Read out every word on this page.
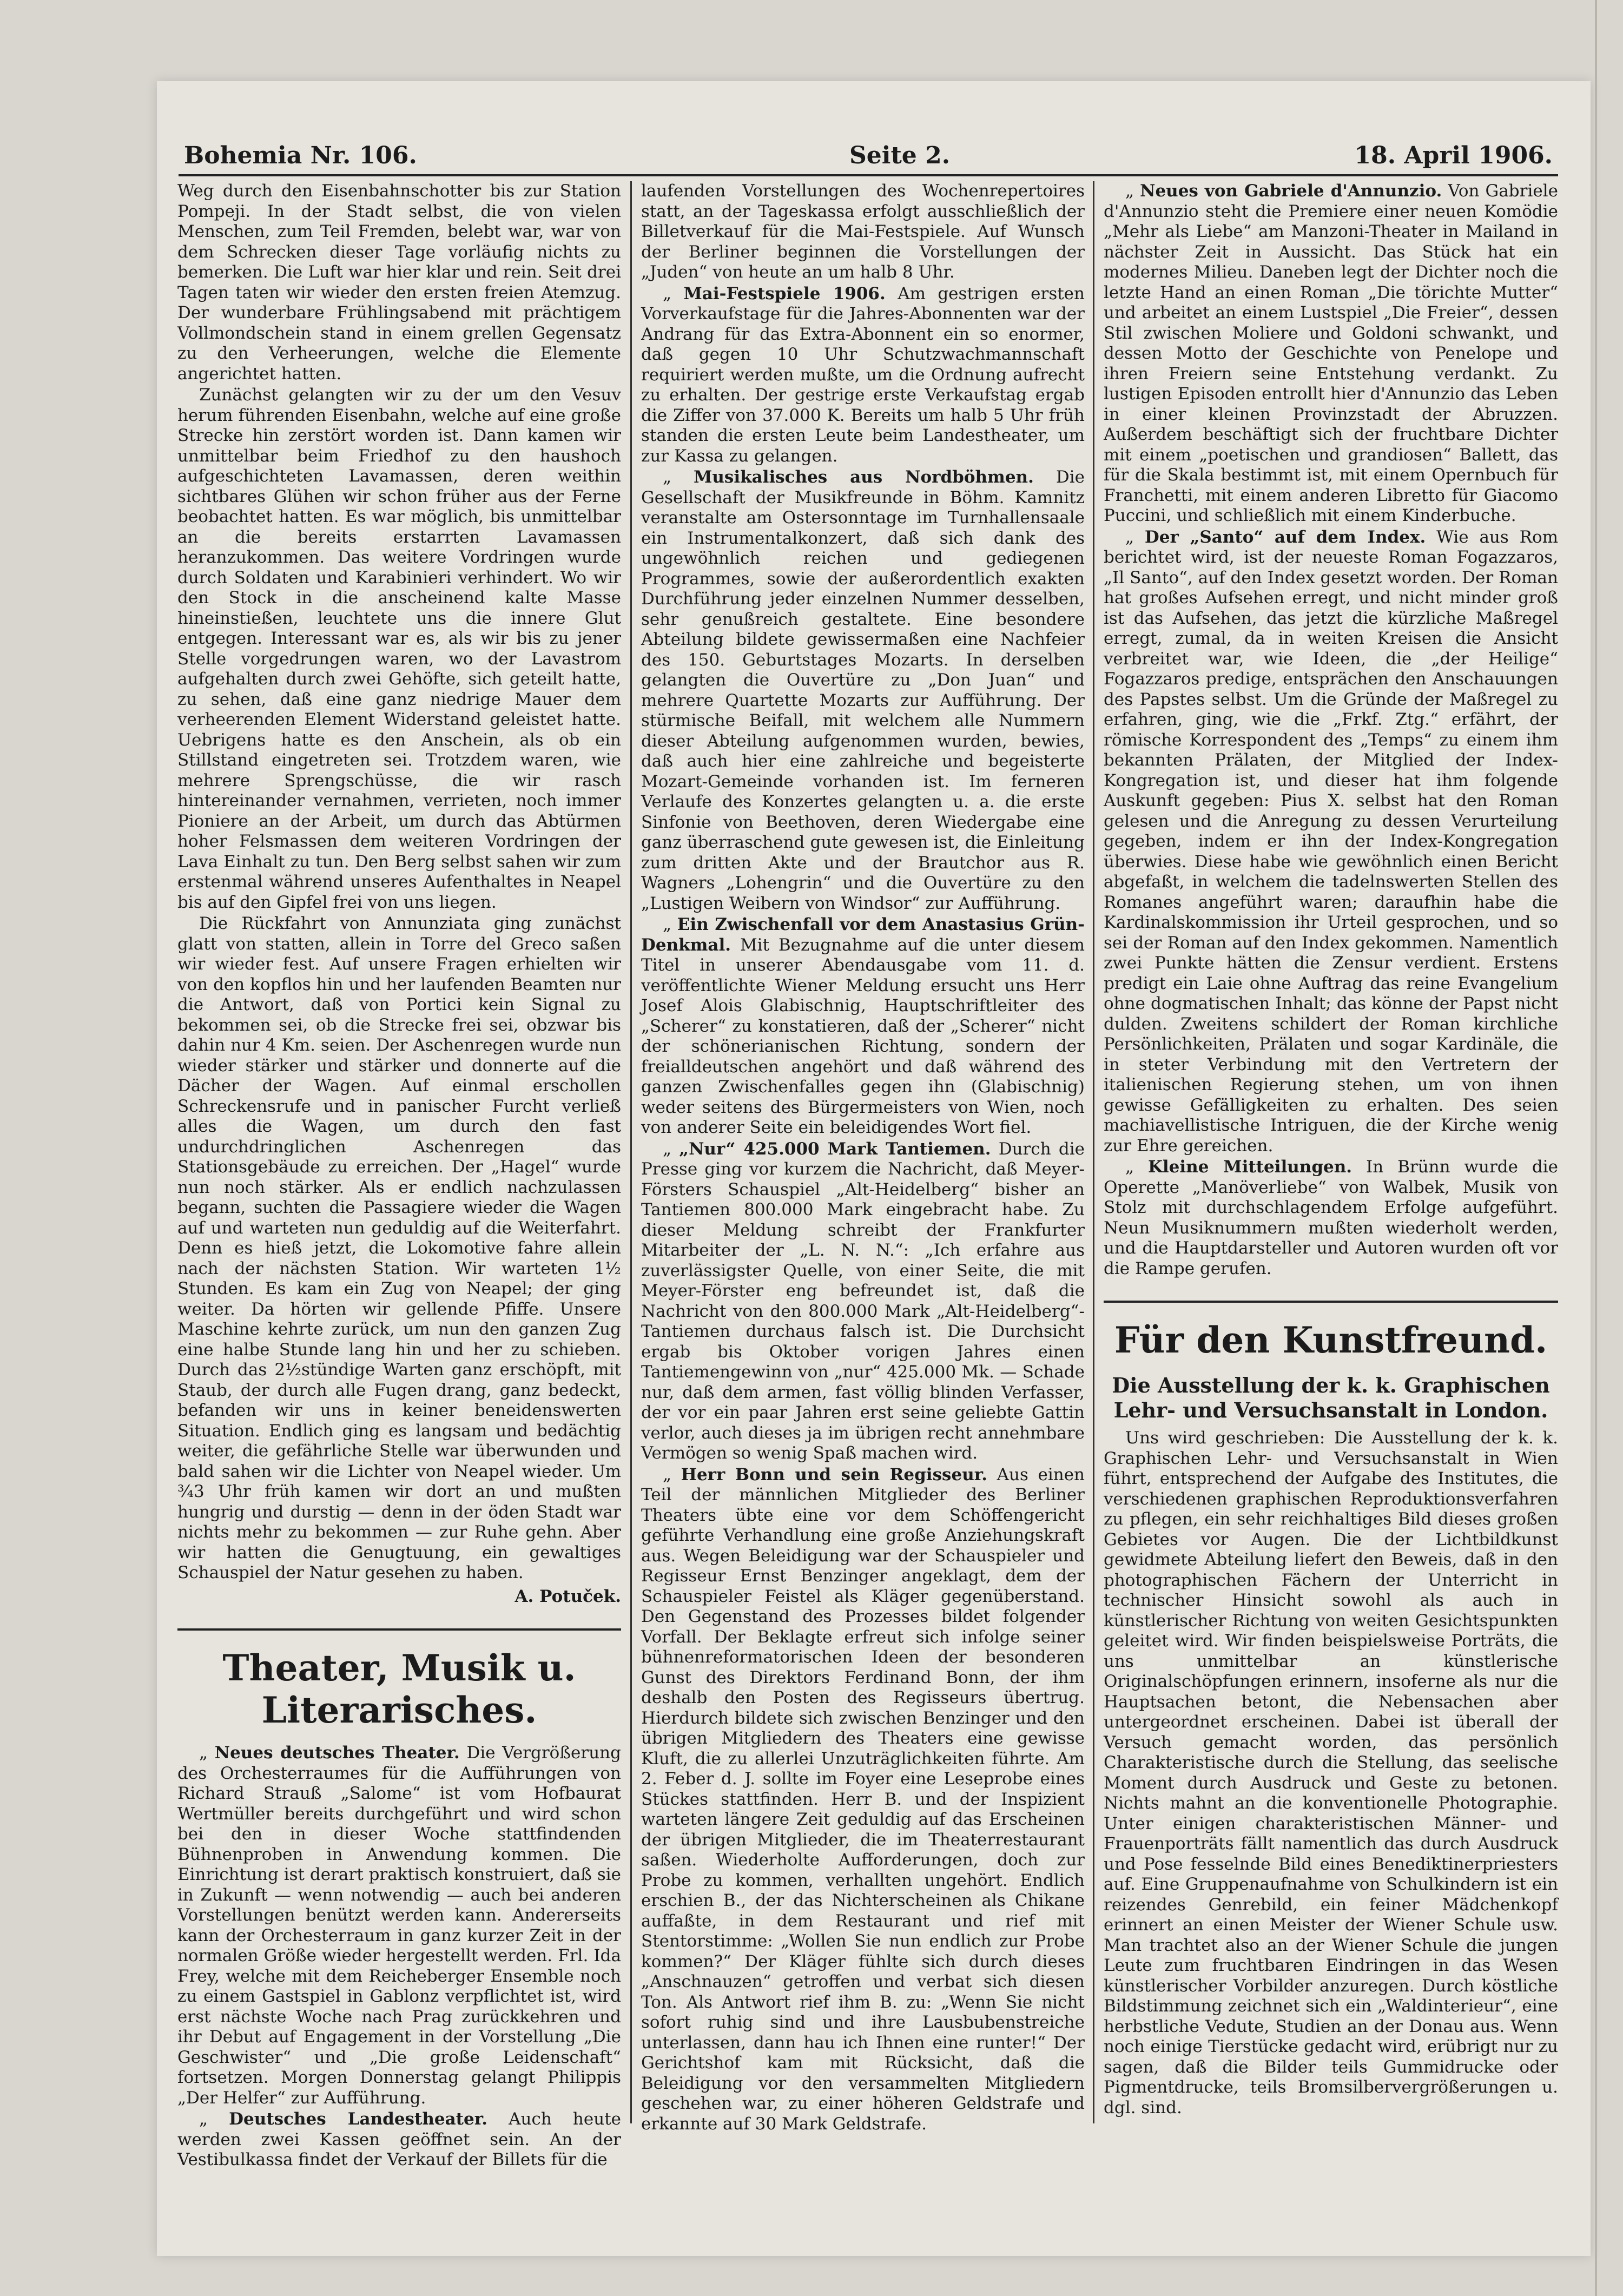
Bohemia Nr. 106.	Seite 2.	18. April 1906.

Weg durch den Eisenbahnschotter bis zur Station Pompeji. In der Stadt selbst, die von vielen Menschen, zum Teil Fremden, belebt war, war von dem Schrecken dieser Tage vorläufig nichts zu bemerken. Die Luft war hier klar und rein. Seit drei Tagen taten wir wieder den ersten freien Atemzug. Der wunderbare Frühlingsabend mit prächtigem Vollmondschein stand in einem grellen Gegensatz zu den Verheerungen, welche die Elemente angerichtet hatten.

Zunächst gelangten wir zu der um den Vesuv herum führenden Eisenbahn, welche auf eine große Strecke hin zerstört worden ist. Dann kamen wir unmittelbar beim Friedhof zu den haushoch aufgeschichteten Lavamassen, deren weithin sichtbares Glühen wir schon früher aus der Ferne beobachtet hatten. Es war möglich, bis unmittelbar an die bereits erstarrten Lavamassen heranzukommen. Das weitere Vordringen wurde durch Soldaten und Karabinieri verhindert. Wo wir den Stock in die anscheinend kalte Masse hineinstießen, leuchtete uns die innere Glut entgegen. Interessant war es, als wir bis zu jener Stelle vorgedrungen waren, wo der Lavastrom aufgehalten durch zwei Gehöfte, sich geteilt hatte, zu sehen, daß eine ganz niedrige Mauer dem verheerenden Element Widerstand geleistet hatte. Uebrigens hatte es den Anschein, als ob ein Stillstand eingetreten sei. Trotzdem waren, wie mehrere Sprengschüsse, die wir rasch hintereinander vernahmen, verrieten, noch immer Pioniere an der Arbeit, um durch das Abtürmen hoher Felsmassen dem weiteren Vordringen der Lava Einhalt zu tun. Den Berg selbst sahen wir zum erstenmal während unseres Aufenthaltes in Neapel bis auf den Gipfel frei von uns liegen.

Die Rückfahrt von Annunziata ging zunächst glatt von statten, allein in Torre del Greco saßen wir wieder fest. Auf unsere Fragen erhielten wir von den kopflos hin und her laufenden Beamten nur die Antwort, daß von Portici kein Signal zu bekommen sei, ob die Strecke frei sei, obzwar bis dahin nur 4 Km. seien. Der Aschenregen wurde nun wieder stärker und stärker und donnerte auf die Dächer der Wagen. Auf einmal erschollen Schreckensrufe und in panischer Furcht verließ alles die Wagen, um durch den fast undurchdringlichen Aschenregen das Stationsgebäude zu erreichen. Der „Hagel“ wurde nun noch stärker. Als er endlich nachzulassen begann, suchten die Passagiere wieder die Wagen auf und warteten nun geduldig auf die Weiterfahrt. Denn es hieß jetzt, die Lokomotive fahre allein nach der nächsten Station. Wir warteten 1½ Stunden. Es kam ein Zug von Neapel; der ging weiter. Da hörten wir gellende Pfiffe. Unsere Maschine kehrte zurück, um nun den ganzen Zug eine halbe Stunde lang hin und her zu schieben. Durch das 2½stündige Warten ganz erschöpft, mit Staub, der durch alle Fugen drang, ganz bedeckt, befanden wir uns in keiner beneidenswerten Situation. Endlich ging es langsam und bedächtig weiter, die gefährliche Stelle war überwunden und bald sahen wir die Lichter von Neapel wieder. Um ¾3 Uhr früh kamen wir dort an und mußten hungrig und durstig — denn in der öden Stadt war nichts mehr zu bekommen — zur Ruhe gehn. Aber wir hatten die Genugtuung, ein gewaltiges Schauspiel der Natur gesehen zu haben.

A. Potuček.
Theater, Musik u. Literarisches.

„ Neues deutsches Theater. Die Vergrößerung des Orchesterraumes für die Aufführungen von Richard Strauß „Salome“ ist vom Hofbaurat Wertmüller bereits durchgeführt und wird schon bei den in dieser Woche stattfindenden Bühnenproben in Anwendung kommen. Die Einrichtung ist derart praktisch konstruiert, daß sie in Zukunft — wenn notwendig — auch bei anderen Vorstellungen benützt werden kann. Andererseits kann der Orchesterraum in ganz kurzer Zeit in der normalen Größe wieder hergestellt werden. Frl. Ida Frey, welche mit dem Reicheberger Ensemble noch zu einem Gastspiel in Gablonz verpflichtet ist, wird erst nächste Woche nach Prag zurückkehren und ihr Debut auf Engagement in der Vorstellung „Die Geschwister“ und „Die große Leidenschaft“ fortsetzen. Morgen Donnerstag gelangt Philippis „Der Helfer“ zur Aufführung.

„ Deutsches Landestheater. Auch heute werden zwei Kassen geöffnet sein. An der Vestibulkassa findet der Verkauf der Billets für die

laufenden Vorstellungen des Wochenrepertoires statt, an der Tageskassa erfolgt ausschließlich der Billetverkauf für die Mai-Festspiele. Auf Wunsch der Berliner beginnen die Vorstellungen der „Juden“ von heute an um halb 8 Uhr.

„ Mai-Festspiele 1906. Am gestrigen ersten Vorverkaufstage für die Jahres-Abonnenten war der Andrang für das Extra-Abonnent ein so enormer, daß gegen 10 Uhr Schutzwachmannschaft requiriert werden mußte, um die Ordnung aufrecht zu erhalten. Der gestrige erste Verkaufstag ergab die Ziffer von 37.000 K. Bereits um halb 5 Uhr früh standen die ersten Leute beim Landestheater, um zur Kassa zu gelangen.

„ Musikalisches aus Nordböhmen. Die Gesellschaft der Musikfreunde in Böhm. Kamnitz veranstalte am Ostersonntage im Turnhallensaale ein Instrumentalkonzert, daß sich dank des ungewöhnlich reichen und gediegenen Programmes, sowie der außerordentlich exakten Durchführung jeder einzelnen Nummer desselben, sehr genußreich gestaltete. Eine besondere Abteilung bildete gewissermaßen eine Nachfeier des 150. Geburtstages Mozarts. In derselben gelangten die Ouvertüre zu „Don Juan“ und mehrere Quartette Mozarts zur Aufführung. Der stürmische Beifall, mit welchem alle Nummern dieser Abteilung aufgenommen wurden, bewies, daß auch hier eine zahlreiche und begeisterte Mozart-Gemeinde vorhanden ist. Im ferneren Verlaufe des Konzertes gelangten u. a. die erste Sinfonie von Beethoven, deren Wiedergabe eine ganz überraschend gute gewesen ist, die Einleitung zum dritten Akte und der Brautchor aus R. Wagners „Lohengrin“ und die Ouvertüre zu den „Lustigen Weibern von Windsor“ zur Aufführung.

„ Ein Zwischenfall vor dem Anastasius Grün-Denkmal. Mit Bezugnahme auf die unter diesem Titel in unserer Abendausgabe vom 11. d. veröffentlichte Wiener Meldung ersucht uns Herr Josef Alois Glabischnig, Hauptschriftleiter des „Scherer“ zu konstatieren, daß der „Scherer“ nicht der schönerianischen Richtung, sondern der freialldeutschen angehört und daß während des ganzen Zwischenfalles gegen ihn (Glabischnig) weder seitens des Bürgermeisters von Wien, noch von anderer Seite ein beleidigendes Wort fiel.

„ „Nur“ 425.000 Mark Tantiemen. Durch die Presse ging vor kurzem die Nachricht, daß Meyer-Försters Schauspiel „Alt-Heidelberg“ bisher an Tantiemen 800.000 Mark eingebracht habe. Zu dieser Meldung schreibt der Frankfurter Mitarbeiter der „L. N. N.“: „Ich erfahre aus zuverlässigster Quelle, von einer Seite, die mit Meyer-Förster eng befreundet ist, daß die Nachricht von den 800.000 Mark „Alt-Heidelberg“-Tantiemen durchaus falsch ist. Die Durchsicht ergab bis Oktober vorigen Jahres einen Tantiemengewinn von „nur“ 425.000 Mk. — Schade nur, daß dem armen, fast völlig blinden Verfasser, der vor ein paar Jahren erst seine geliebte Gattin verlor, auch dieses ja im übrigen recht annehmbare Vermögen so wenig Spaß machen wird.

„ Herr Bonn und sein Regisseur. Aus einen Teil der männlichen Mitglieder des Berliner Theaters übte eine vor dem Schöffengericht geführte Verhandlung eine große Anziehungskraft aus. Wegen Beleidigung war der Schauspieler und Regisseur Ernst Benzinger angeklagt, dem der Schauspieler Feistel als Kläger gegenüberstand. Den Gegenstand des Prozesses bildet folgender Vorfall. Der Beklagte erfreut sich infolge seiner bühnenreformatorischen Ideen der besonderen Gunst des Direktors Ferdinand Bonn, der ihm deshalb den Posten des Regisseurs übertrug. Hierdurch bildete sich zwischen Benzinger und den übrigen Mitgliedern des Theaters eine gewisse Kluft, die zu allerlei Unzuträglichkeiten führte. Am 2. Feber d. J. sollte im Foyer eine Leseprobe eines Stückes stattfinden. Herr B. und der Inspizient warteten längere Zeit geduldig auf das Erscheinen der übrigen Mitglieder, die im Theaterrestaurant saßen. Wiederholte Aufforderungen, doch zur Probe zu kommen, verhallten ungehört. Endlich erschien B., der das Nichterscheinen als Chikane auffaßte, in dem Restaurant und rief mit Stentorstimme: „Wollen Sie nun endlich zur Probe kommen?“ Der Kläger fühlte sich durch dieses „Anschnauzen“ getroffen und verbat sich diesen Ton. Als Antwort rief ihm B. zu: „Wenn Sie nicht sofort ruhig sind und ihre Lausbubenstreiche unterlassen, dann hau ich Ihnen eine runter!“ Der Gerichtshof kam mit Rücksicht, daß die Beleidigung vor den versammelten Mitgliedern geschehen war, zu einer höheren Geldstrafe und erkannte auf 30 Mark Geldstrafe.

„ Neues von Gabriele d'Annunzio. Von Gabriele d'Annunzio steht die Premiere einer neuen Komödie „Mehr als Liebe“ am Manzoni-Theater in Mailand in nächster Zeit in Aussicht. Das Stück hat ein modernes Milieu. Daneben legt der Dichter noch die letzte Hand an einen Roman „Die törichte Mutter“ und arbeitet an einem Lustspiel „Die Freier“, dessen Stil zwischen Moliere und Goldoni schwankt, und dessen Motto der Geschichte von Penelope und ihren Freiern seine Entstehung verdankt. Zu lustigen Episoden entrollt hier d'Annunzio das Leben in einer kleinen Provinzstadt der Abruzzen. Außerdem beschäftigt sich der fruchtbare Dichter mit einem „poetischen und grandiosen“ Ballett, das für die Skala bestimmt ist, mit einem Opernbuch für Franchetti, mit einem anderen Libretto für Giacomo Puccini, und schließlich mit einem Kinderbuche.

„ Der „Santo“ auf dem Index. Wie aus Rom berichtet wird, ist der neueste Roman Fogazzaros, „Il Santo“, auf den Index gesetzt worden. Der Roman hat großes Aufsehen erregt, und nicht minder groß ist das Aufsehen, das jetzt die kürzliche Maßregel erregt, zumal, da in weiten Kreisen die Ansicht verbreitet war, wie Ideen, die „der Heilige“ Fogazzaros predige, entsprächen den Anschauungen des Papstes selbst. Um die Gründe der Maßregel zu erfahren, ging, wie die „Frkf. Ztg.“ erfährt, der römische Korrespondent des „Temps“ zu einem ihm bekannten Prälaten, der Mitglied der Index-Kongregation ist, und dieser hat ihm folgende Auskunft gegeben: Pius X. selbst hat den Roman gelesen und die Anregung zu dessen Verurteilung gegeben, indem er ihn der Index-Kongregation überwies. Diese habe wie gewöhnlich einen Bericht abgefaßt, in welchem die tadelnswerten Stellen des Romanes angeführt waren; daraufhin habe die Kardinalskommission ihr Urteil gesprochen, und so sei der Roman auf den Index gekommen. Namentlich zwei Punkte hätten die Zensur verdient. Erstens predigt ein Laie ohne Auftrag das reine Evangelium ohne dogmatischen Inhalt; das könne der Papst nicht dulden. Zweitens schildert der Roman kirchliche Persönlichkeiten, Prälaten und sogar Kardinäle, die in steter Verbindung mit den Vertretern der italienischen Regierung stehen, um von ihnen gewisse Gefälligkeiten zu erhalten. Des seien machiavellistische Intriguen, die der Kirche wenig zur Ehre gereichen.

„ Kleine Mitteilungen. In Brünn wurde die Operette „Manöverliebe“ von Walbek, Musik von Stolz mit durchschlagendem Erfolge aufgeführt. Neun Musiknummern mußten wiederholt werden, und die Hauptdarsteller und Autoren wurden oft vor die Rampe gerufen.

Für den Kunstfreund.
Die Ausstellung der k. k. Graphischen Lehr- und Versuchsanstalt in London.

Uns wird geschrieben: Die Ausstellung der k. k. Graphischen Lehr- und Versuchsanstalt in Wien führt, entsprechend der Aufgabe des Institutes, die verschiedenen graphischen Reproduktionsverfahren zu pflegen, ein sehr reichhaltiges Bild dieses großen Gebietes vor Augen. Die der Lichtbildkunst gewidmete Abteilung liefert den Beweis, daß in den photographischen Fächern der Unterricht in technischer Hinsicht sowohl als auch in künstlerischer Richtung von weiten Gesichtspunkten geleitet wird. Wir finden beispielsweise Porträts, die uns unmittelbar an künstlerische Originalschöpfungen erinnern, insoferne als nur die Hauptsachen betont, die Nebensachen aber untergeordnet erscheinen. Dabei ist überall der Versuch gemacht worden, das persönlich Charakteristische durch die Stellung, das seelische Moment durch Ausdruck und Geste zu betonen. Nichts mahnt an die konventionelle Photographie. Unter einigen charakteristischen Männer- und Frauenporträts fällt namentlich das durch Ausdruck und Pose fesselnde Bild eines Benediktinerpriesters auf. Eine Gruppenaufnahme von Schulkindern ist ein reizendes Genrebild, ein feiner Mädchenkopf erinnert an einen Meister der Wiener Schule usw. Man trachtet also an der Wiener Schule die jungen Leute zum fruchtbaren Eindringen in das Wesen künstlerischer Vorbilder anzuregen. Durch köstliche Bildstimmung zeichnet sich ein „Waldinterieur“, eine herbstliche Vedute, Studien an der Donau aus. Wenn noch einige Tierstücke gedacht wird, erübrigt nur zu sagen, daß die Bilder teils Gummidrucke oder Pigmentdrucke, teils Bromsilbervergrößerungen u. dgl. sind.
